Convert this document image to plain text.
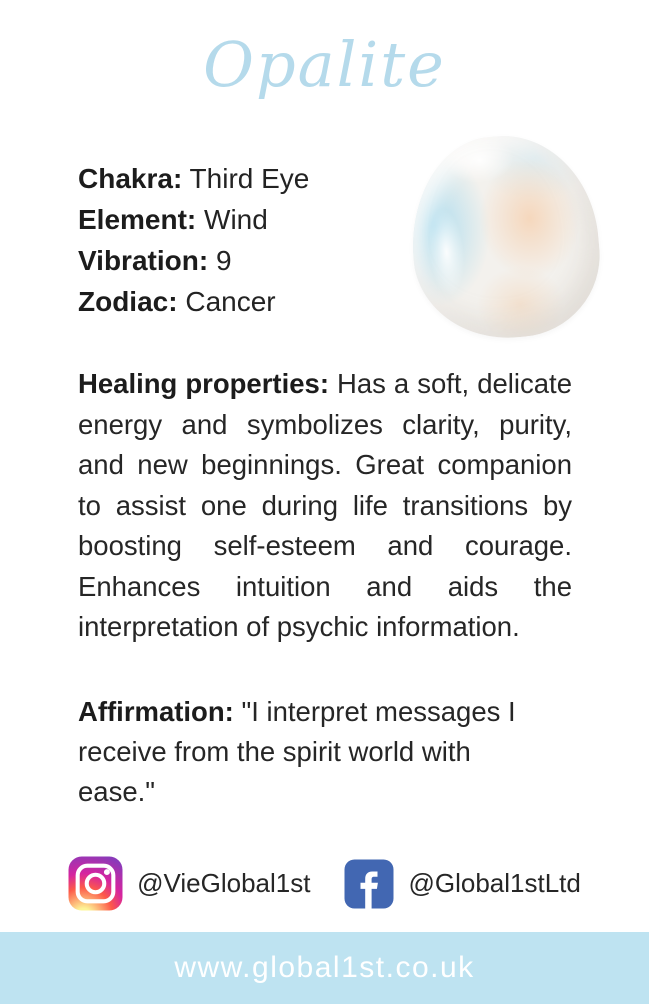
Opalite
Chakra: Third Eye
Element: Wind
Vibration: 9
Zodiac: Cancer

Healing properties: Has a soft, delicate energy and symbolizes clarity, purity, and new beginnings. Great companion to assist one during life transitions by boosting self-esteem and courage. Enhances intuition and aids the interpretation of psychic information.

Affirmation: "I interpret messages I receive from the spirit world with ease."

@VieGlobal1st	@Global1stLtd
www.global1st.co.uk
